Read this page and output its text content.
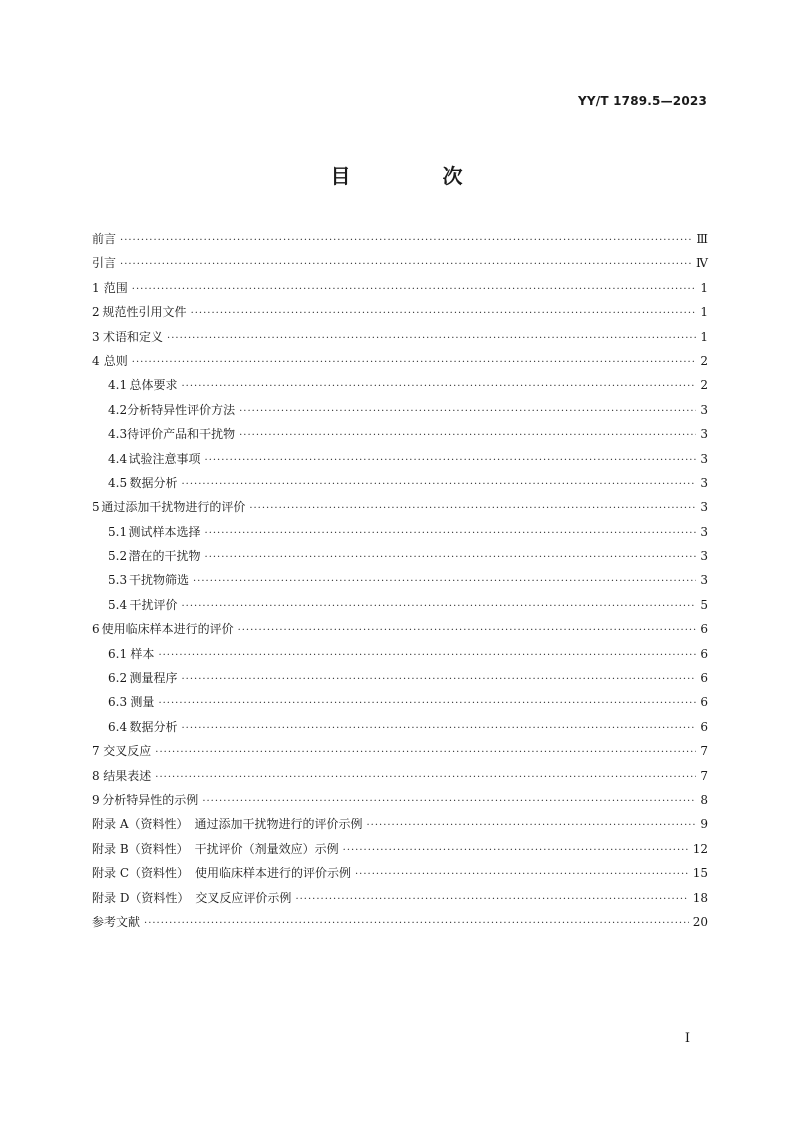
YY/T 1789.5—2023
目　次
前言 ·····	Ⅲ
引言 ·····	Ⅳ
1 范围 ·····	1
2 规范性引用文件 ·····	1
3 术语和定义 ·····	1
4 总则 ·····	2
4.1 总体要求 ·····	2
4.2 分析特异性评价方法 ·····	3
4.3 待评价产品和干扰物 ·····	3
4.4 试验注意事项 ·····	3
4.5 数据分析 ·····	3
5 通过添加干扰物进行的评价 ·····	3
5.1 测试样本选择 ·····	3
5.2 潜在的干扰物 ·····	3
5.3 干扰物筛选 ·····	3
5.4 干扰评价 ·····	5
6 使用临床样本进行的评价 ·····	6
6.1 样本 ·····	6
6.2 测量程序 ·····	6
6.3 测量 ·····	6
6.4 数据分析 ·····	6
7 交叉反应 ·····	7
8 结果表述 ·····	7
9 分析特异性的示例 ·····	8
附录 A（资料性）　通过添加干扰物进行的评价示例 ·····	9
附录 B（资料性）　干扰评价（剂量效应）示例 ·····	12
附录 C（资料性）　使用临床样本进行的评价示例 ·····	15
附录 D（资料性）　交叉反应评价示例 ·····	18
参考文献 ·····	20
I
